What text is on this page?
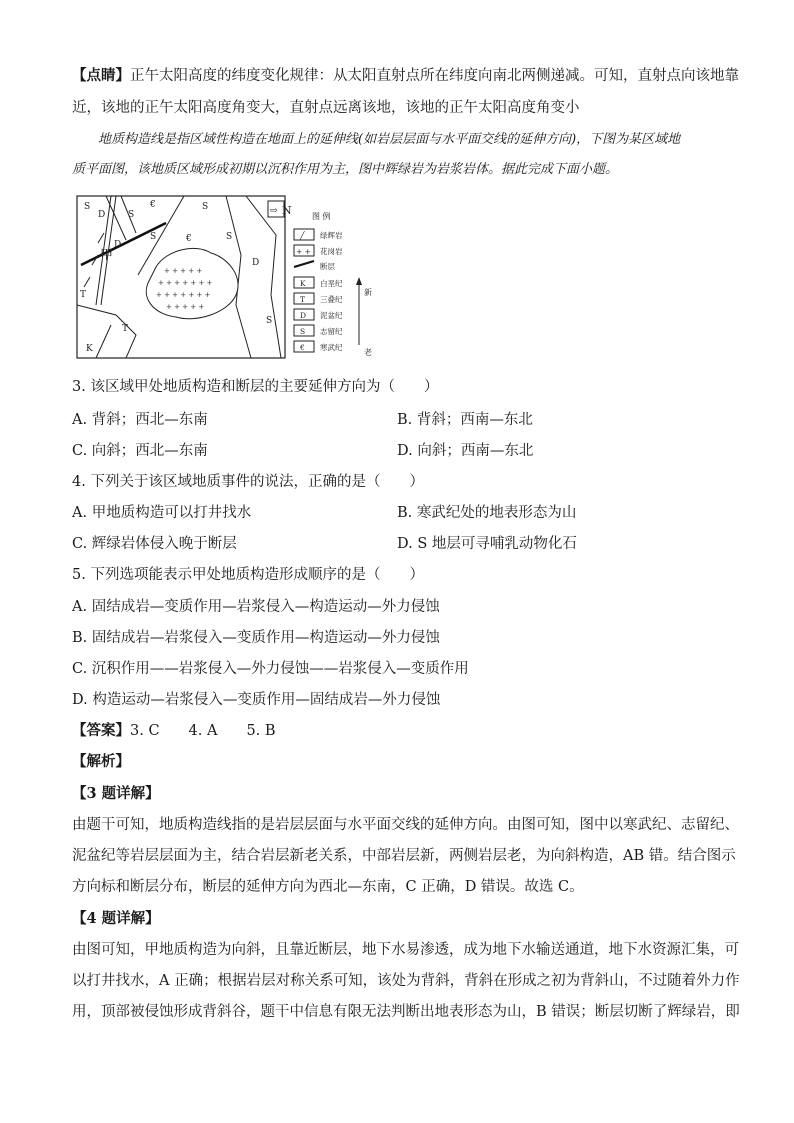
【点睛】正午太阳高度的纬度变化规律：从太阳直射点所在纬度向南北两侧递减。可知，直射点向该地靠
近，该地的正午太阳高度角变大，直射点远离该地，该地的正午太阳高度角变小
地质构造线是指区域性构造在地面上的延伸线(如岩层层面与水平面交线的延伸方向)，下图为某区域地
质平面图，该地质区域形成初期以沉积作用为主，图中辉绿岩为岩浆岩体。据此完成下面小题。
+ + + + +
+ + + + + + +
+ + + + + + +
+ + + + +
S
D	S
€
S
D
S
€	S
S
D
T
T
K
甲
⇨ N	图 例
╱ 绿辉岩
+ + 花岗岩
断层
K 白垩纪
T 三叠纪
D 泥盆纪
S 志留纪
€ 寒武纪
新
老
3. 该区域甲处地质构造和断层的主要延伸方向为（　　）
A. 背斜；西北—东南	B. 背斜；西南—东北
C. 向斜；西北—东南	D. 向斜；西南—东北
4. 下列关于该区域地质事件的说法，正确的是（　　）
A. 甲地质构造可以打井找水	B. 寒武纪处的地表形态为山
C. 辉绿岩体侵入晚于断层	D. S 地层可寻哺乳动物化石
5. 下列选项能表示甲处地质构造形成顺序的是（　　）
A. 固结成岩—变质作用—岩浆侵入—构造运动—外力侵蚀
B. 固结成岩—岩浆侵入—变质作用—构造运动—外力侵蚀
C. 沉积作用——岩浆侵入—外力侵蚀——岩浆侵入—变质作用
D. 构造运动—岩浆侵入—变质作用—固结成岩—外力侵蚀
【答案】3. C　　4. A　　5. B
【解析】
【3 题详解】
由题干可知，地质构造线指的是岩层层面与水平面交线的延伸方向。由图可知，图中以寒武纪、志留纪、
泥盆纪等岩层层面为主，结合岩层新老关系，中部岩层新，两侧岩层老，为向斜构造，AB 错。结合图示
方向标和断层分布，断层的延伸方向为西北—东南，C 正确，D 错误。故选 C。
【4 题详解】
由图可知，甲地质构造为向斜，且靠近断层，地下水易渗透，成为地下水输送通道，地下水资源汇集，可
以打井找水，A 正确；根据岩层对称关系可知，该处为背斜，背斜在形成之初为背斜山，不过随着外力作
用，顶部被侵蚀形成背斜谷，题干中信息有限无法判断出地表形态为山，B 错误；断层切断了辉绿岩，即
